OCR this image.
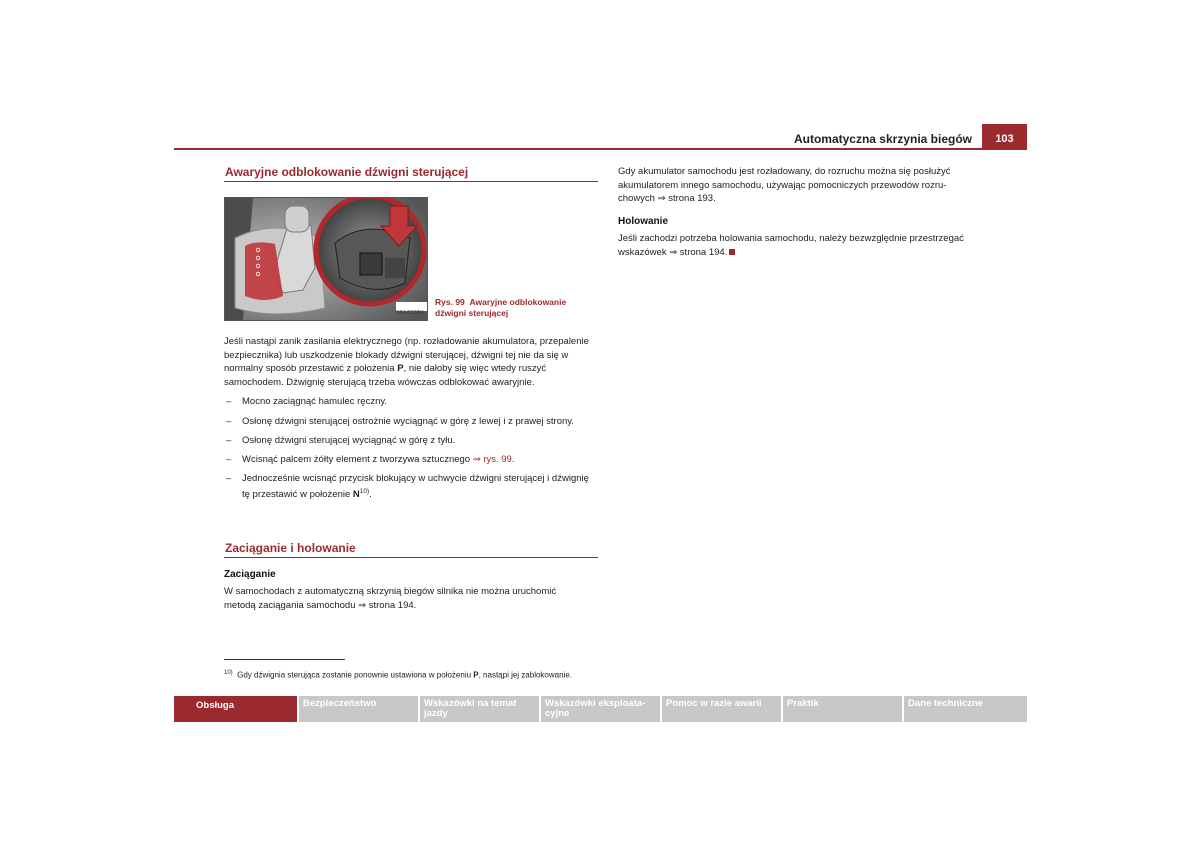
Automatyczna skrzynia biegów	103
Awaryjne odblokowanie dźwigni sterującej
S6J-0102H
Rys. 99 Awaryjne odblokowanie
dźwigni sterującej
Jeśli nastąpi zanik zasilania elektrycznego (np. rozładowanie akumulatora, przepalenie
bezpiecznika) lub uszkodzenie blokady dźwigni sterującej, dźwigni tej nie da się w
normalny sposób przestawić z położenia P, nie dałoby się więc wtedy ruszyć
samochodem. Dźwignię sterującą trzeba wówczas odblokować awaryjnie.
– Mocno zaciągnąć hamulec ręczny.
– Osłonę dźwigni sterującej ostrożnie wyciągnąć w górę z lewej i z prawej strony.
– Osłonę dźwigni sterującej wyciągnąć w górę z tyłu.
– Wcisnąć palcem żółty element z tworzywa sztucznego ⇒ rys. 99.
– Jednocześnie wcisnąć przycisk blokujący w uchwycie dźwigni sterującej i dźwignię
tę przestawić w położenie $N^{10)}$.
Zaciąganie i holowanie
Zaciąganie
W samochodach z automatyczną skrzynią biegów silnika nie można uruchomić
metodą zaciągania samochodu ⇒ strona 194.
Gdy akumulator samochodu jest rozładowany, do rozruchu można się posłużyć
akumulatorem innego samochodu, używając pomocniczych przewodów rozru-
chowych ⇒ strona 193.
Holowanie
Jeśli zachodzi potrzeba holowania samochodu, należy bezwzględnie przestrzegać
wskazówek ⇒ strona 194.
$^{10)}$ Gdy dźwignia sterująca zostanie ponownie ustawiona w położeniu P, nastąpi jej zablokowanie.
Obsługa	Bezpieczeństwo	Wskazówki na temat jazdy
Wskazówki eksploata-cyjne
Pomoc w razie awarii	Praktik	Dane techniczne
